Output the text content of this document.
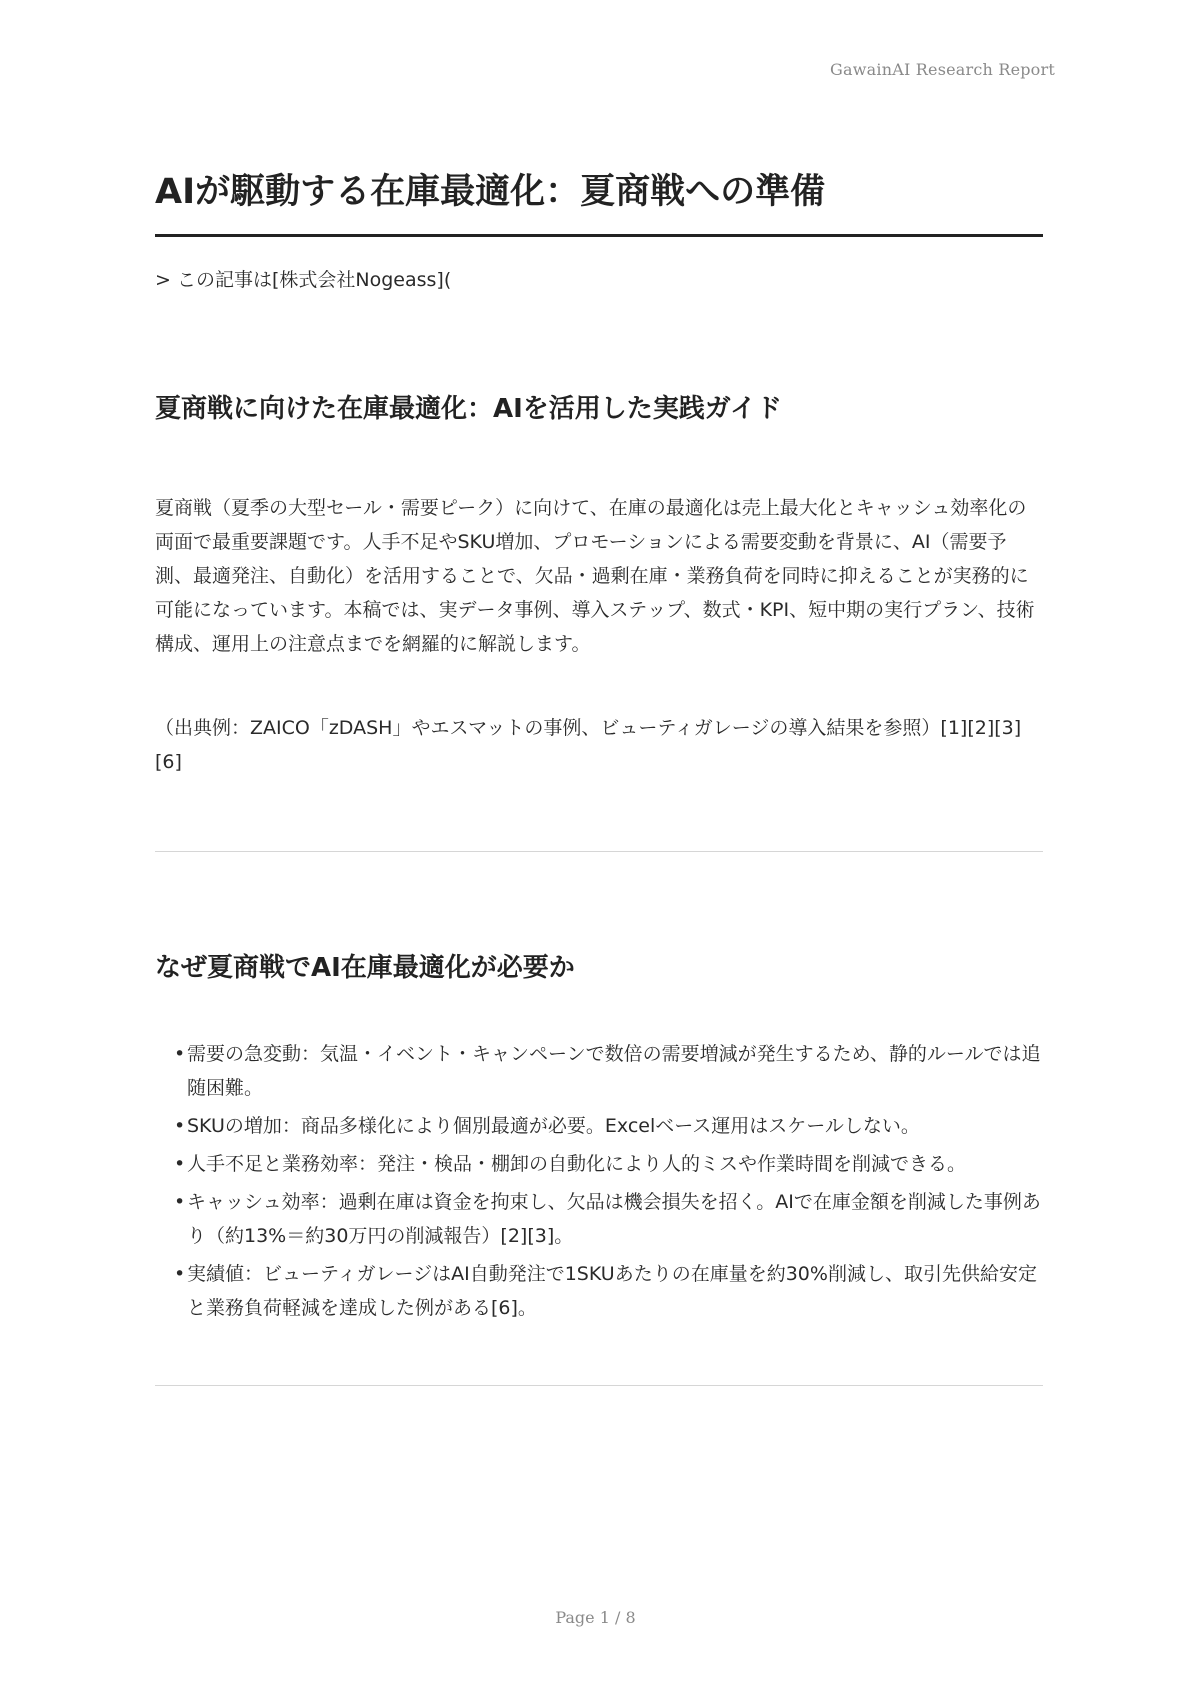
GawainAI Research Report
AIが駆動する在庫最適化：夏商戦への準備

> この記事は[株式会社Nogeass](

夏商戦に向けた在庫最適化：AIを活用した実践ガイド

夏商戦（夏季の大型セール・需要ピーク）に向けて、在庫の最適化は売上最大化とキャッシュ効率化の両面で最重要課題です。人手不足やSKU増加、プロモーションによる需要変動を背景に、AI（需要予測、最適発注、自動化）を活用することで、欠品・過剰在庫・業務負荷を同時に抑えることが実務的に可能になっています。本稿では、実データ事例、導入ステップ、数式・KPI、短中期の実行プラン、技術構成、運用上の注意点までを網羅的に解説します。

（出典例：ZAICO「zDASH」やエスマットの事例、ビューティガレージの導入結果を参照）[1][2][3][6]

なぜ夏商戦でAI在庫最適化が必要か
• 需要の急変動：気温・イベント・キャンペーンで数倍の需要増減が発生するため、静的ルールでは追随困難。
• SKUの増加：商品多様化により個別最適が必要。Excelベース運用はスケールしない。
• 人手不足と業務効率：発注・検品・棚卸の自動化により人的ミスや作業時間を削減できる。
• キャッシュ効率：過剰在庫は資金を拘束し、欠品は機会損失を招く。AIで在庫金額を削減した事例あり（約13%＝約30万円の削減報告）[2][3]。
• 実績値：ビューティガレージはAI自動発注で1SKUあたりの在庫量を約30%削減し、取引先供給安定と業務負荷軽減を達成した例がある[6]。
Page 1 / 8
